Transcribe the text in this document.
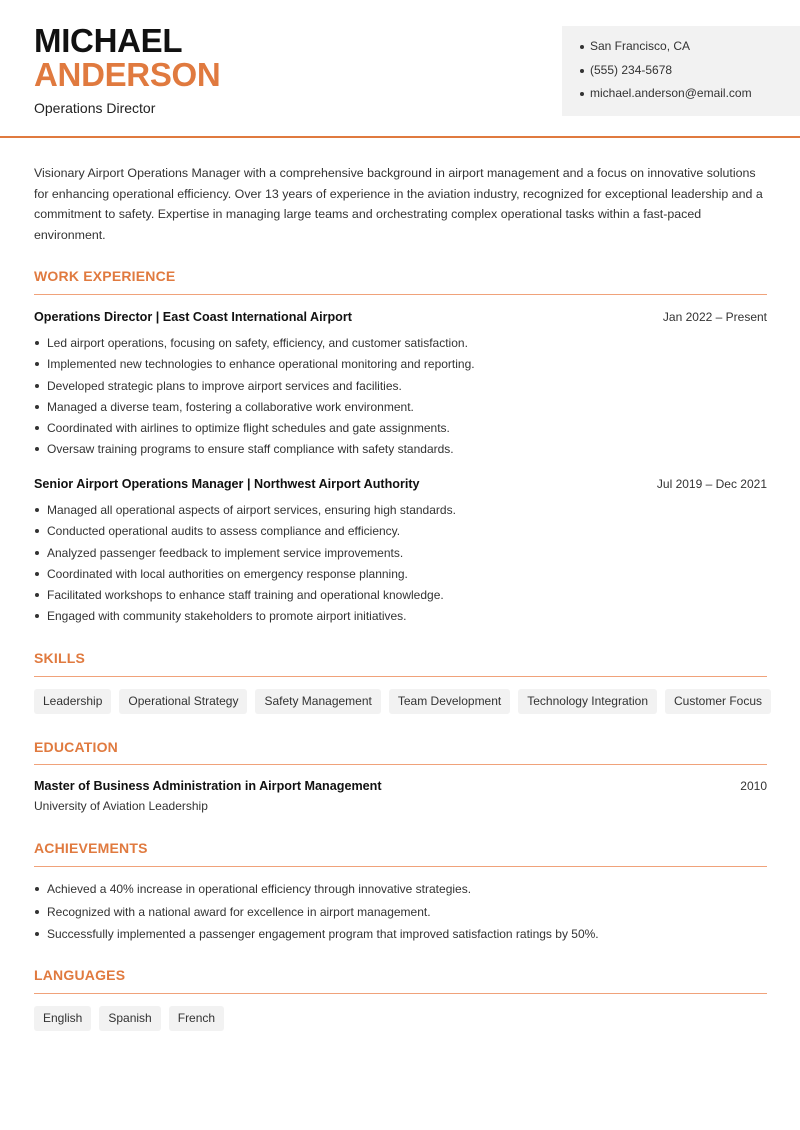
MICHAEL
ANDERSON
Operations Director
San Francisco, CA
(555) 234-5678
michael.anderson@email.com

Visionary Airport Operations Manager with a comprehensive background in airport management and a focus on innovative solutions for enhancing operational efficiency. Over 13 years of experience in the aviation industry, recognized for exceptional leadership and a commitment to safety. Expertise in managing large teams and orchestrating complex operational tasks within a fast-paced environment.

WORK EXPERIENCE
Operations Director | East Coast International Airport	Jan 2022 – Present
Led airport operations, focusing on safety, efficiency, and customer satisfaction.
Implemented new technologies to enhance operational monitoring and reporting.
Developed strategic plans to improve airport services and facilities.
Managed a diverse team, fostering a collaborative work environment.
Coordinated with airlines to optimize flight schedules and gate assignments.
Oversaw training programs to ensure staff compliance with safety standards.
Senior Airport Operations Manager | Northwest Airport Authority	Jul 2019 – Dec 2021
Managed all operational aspects of airport services, ensuring high standards.
Conducted operational audits to assess compliance and efficiency.
Analyzed passenger feedback to implement service improvements.
Coordinated with local authorities on emergency response planning.
Facilitated workshops to enhance staff training and operational knowledge.
Engaged with community stakeholders to promote airport initiatives.
SKILLS
Leadership	Operational Strategy	Safety Management	Team Development	Technology Integration	Customer Focus
EDUCATION
Master of Business Administration in Airport Management	2010
University of Aviation Leadership
ACHIEVEMENTS
Achieved a 40% increase in operational efficiency through innovative strategies.
Recognized with a national award for excellence in airport management.
Successfully implemented a passenger engagement program that improved satisfaction ratings by 50%.
LANGUAGES
English	Spanish	French
